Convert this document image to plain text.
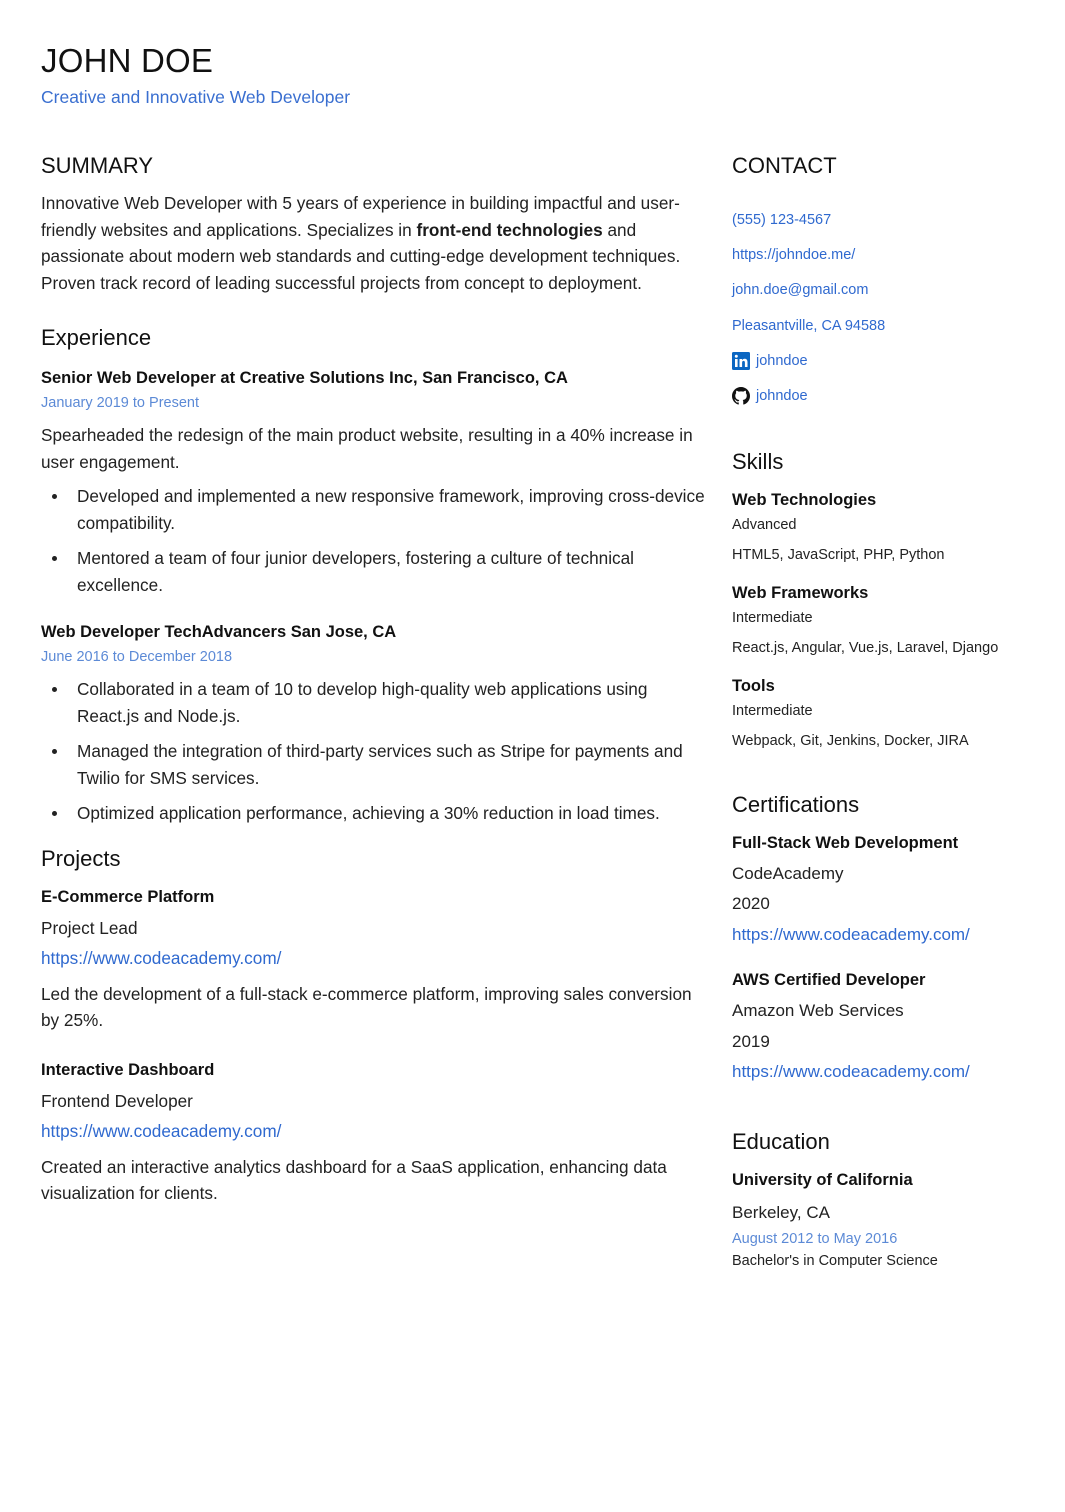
JOHN DOE
Creative and Innovative Web Developer
SUMMARY

Innovative Web Developer with 5 years of experience in building impactful and user-friendly websites and applications. Specializes in front-end technologies and passionate about modern web standards and cutting-edge development techniques. Proven track record of leading successful projects from concept to deployment.

Experience
Senior Web Developer at Creative Solutions Inc, San Francisco, CA
January 2019 to Present

Spearheaded the redesign of the main product website, resulting in a 40% increase in user engagement.

Developed and implemented a new responsive framework, improving cross-device compatibility.
Mentored a team of four junior developers, fostering a culture of technical excellence.
Web Developer TechAdvancers San Jose, CA
June 2016 to December 2018
Collaborated in a team of 10 to develop high-quality web applications using React.js and Node.js.
Managed the integration of third-party services such as Stripe for payments and Twilio for SMS services.
Optimized application performance, achieving a 30% reduction in load times.
Projects
E-Commerce Platform
Project Lead
https://www.codeacademy.com/

Led the development of a full-stack e-commerce platform, improving sales conversion by 25%.

Interactive Dashboard
Frontend Developer
https://www.codeacademy.com/

Created an interactive analytics dashboard for a SaaS application, enhancing data visualization for clients.

CONTACT
(555) 123-4567
https://johndoe.me/
john.doe@gmail.com
Pleasantville, CA 94588
johndoe
johndoe
Skills
Web Technologies
Advanced
HTML5, JavaScript, PHP, Python
Web Frameworks
Intermediate
React.js, Angular, Vue.js, Laravel, Django
Tools
Intermediate
Webpack, Git, Jenkins, Docker, JIRA
Certifications
Full-Stack Web Development
CodeAcademy
2020
https://www.codeacademy.com/
AWS Certified Developer
Amazon Web Services
2019
https://www.codeacademy.com/
Education
University of California
Berkeley, CA
August 2012 to May 2016
Bachelor's in Computer Science
